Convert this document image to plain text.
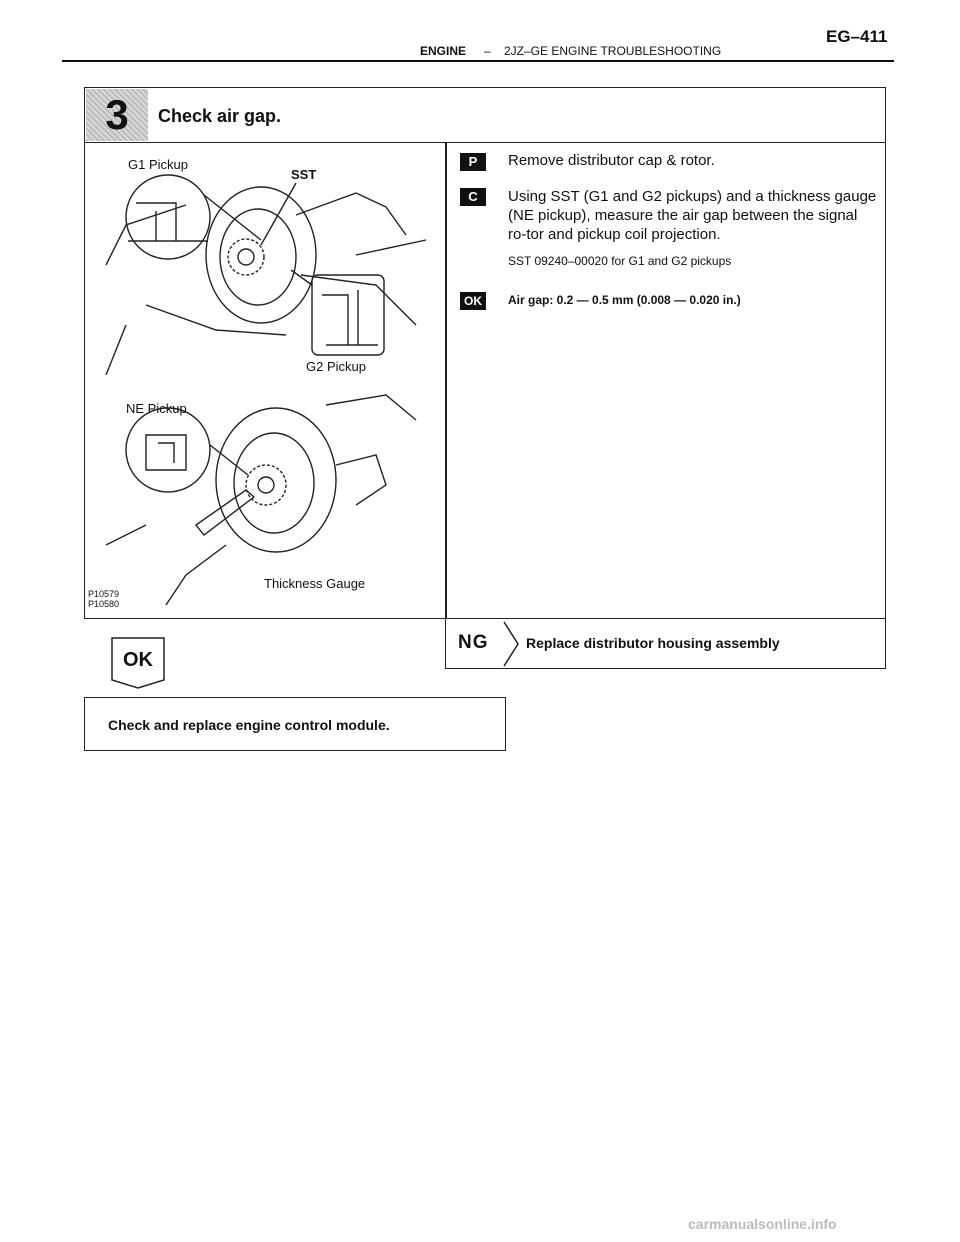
ENGINE – 2JZ–GE ENGINE TROUBLESHOOTING
EG–411
3	Check air gap.
G1 Pickup
SST
G2 Pickup
NE Pickup
Thickness Gauge
P10579
P10580
P	Remove distributor cap & rotor.
C	Using SST (G1 and G2 pickups) and a thickness gauge (NE pickup), measure the air gap between the signal ro-tor and pickup coil projection.
SST 09240–00020 for G1 and G2 pickups
OK	Air gap: 0.2 — 0.5 mm (0.008 — 0.020 in.)
NG	Replace distributor housing assembly
OK
Check and replace engine control module.
carmanualsonline.info
